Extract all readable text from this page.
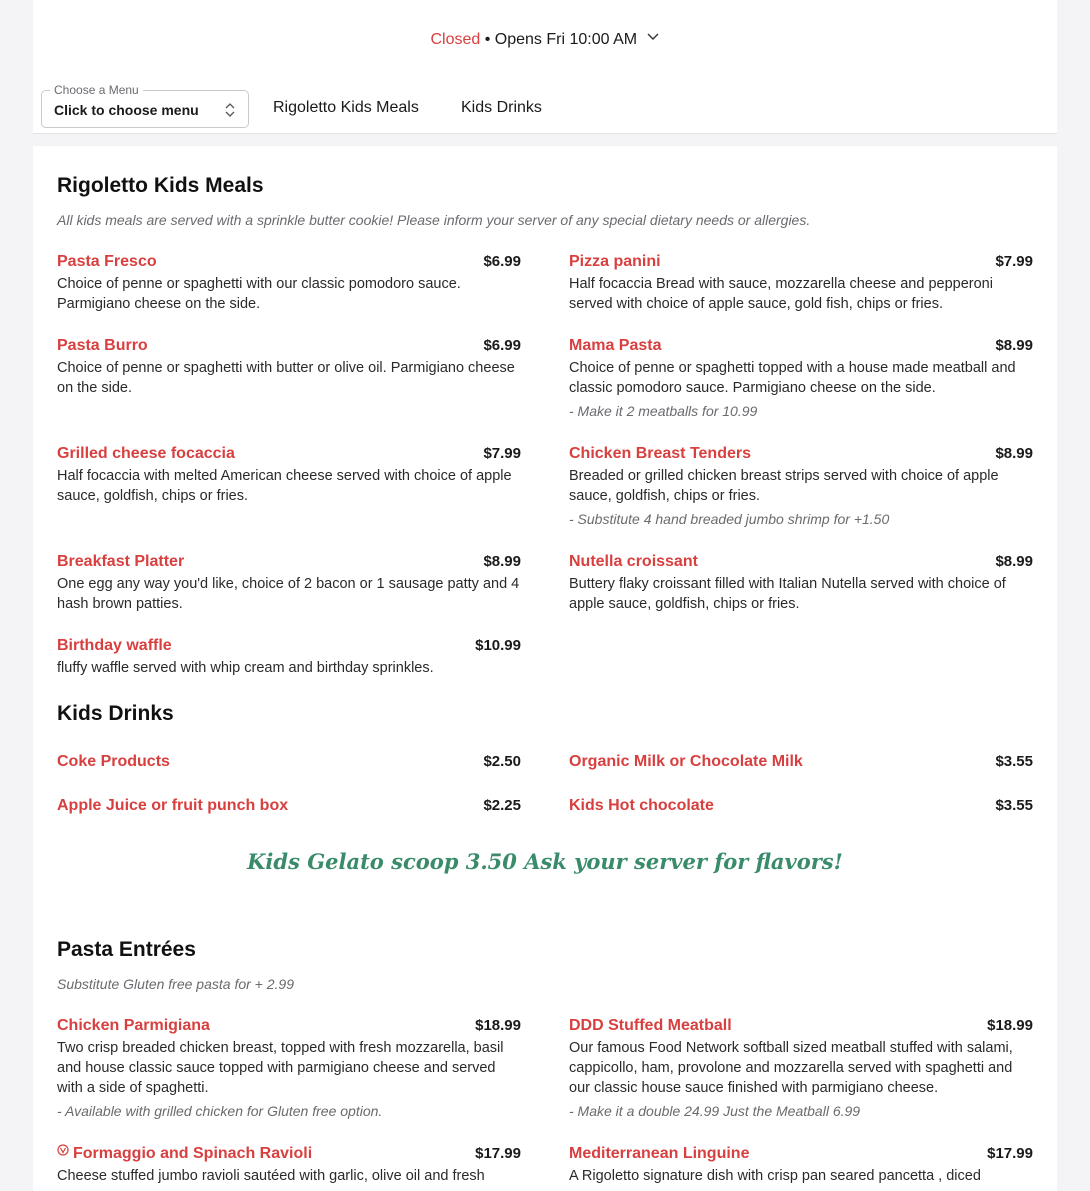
Closed • Opens Fri 10:00 AM
Choose a Menu
Click to choose menu	Rigoletto Kids Meals	Kids Drinks
Rigoletto Kids Meals
All kids meals are served with a sprinkle butter cookie! Please inform your server of any special dietary needs or allergies.
Pasta Fresco	$6.99
Choice of penne or spaghetti with our classic pomodoro sauce. Parmigiano cheese on the side.
Pizza panini	$7.99
Half focaccia Bread with sauce, mozzarella cheese and pepperoni served with choice of apple sauce, gold fish, chips or fries.
Pasta Burro	$6.99
Choice of penne or spaghetti with butter or olive oil. Parmigiano cheese on the side.
Mama Pasta	$8.99
Choice of penne or spaghetti topped with a house made meatball and classic pomodoro sauce. Parmigiano cheese on the side.
- Make it 2 meatballs for 10.99
Grilled cheese focaccia	$7.99
Half focaccia with melted American cheese served with choice of apple sauce, goldfish, chips or fries.
Chicken Breast Tenders	$8.99
Breaded or grilled chicken breast strips served with choice of apple sauce, goldfish, chips or fries.
- Substitute 4 hand breaded jumbo shrimp for +1.50
Breakfast Platter	$8.99
One egg any way you'd like, choice of 2 bacon or 1 sausage patty and 4 hash brown patties.
Nutella croissant	$8.99
Buttery flaky croissant filled with Italian Nutella served with choice of apple sauce, goldfish, chips or fries.
Birthday waffle	$10.99
fluffy waffle served with whip cream and birthday sprinkles.
Kids Drinks
Coke Products	$2.50	Organic Milk or Chocolate Milk	$3.55
Apple Juice or fruit punch box	$2.25	Kids Hot chocolate	$3.55
Kids Gelato scoop 3.50 Ask your server for flavors!
Pasta Entrées
Substitute Gluten free pasta for + 2.99
Chicken Parmigiana	$18.99
Two crisp breaded chicken breast, topped with fresh mozzarella, basil and house classic sauce topped with parmigiano cheese and served with a side of spaghetti.
- Available with grilled chicken for Gluten free option.
DDD Stuffed Meatball	$18.99
Our famous Food Network softball sized meatball stuffed with salami, cappicollo, ham, provolone and mozzarella served with spaghetti and our classic house sauce finished with parmigiano cheese.
- Make it a double 24.99 Just the Meatball 6.99
Formaggio and Spinach Ravioli	$17.99
Cheese stuffed jumbo ravioli sautéed with garlic, olive oil and fresh
Mediterranean Linguine	$17.99
A Rigoletto signature dish with crisp pan seared pancetta , diced
